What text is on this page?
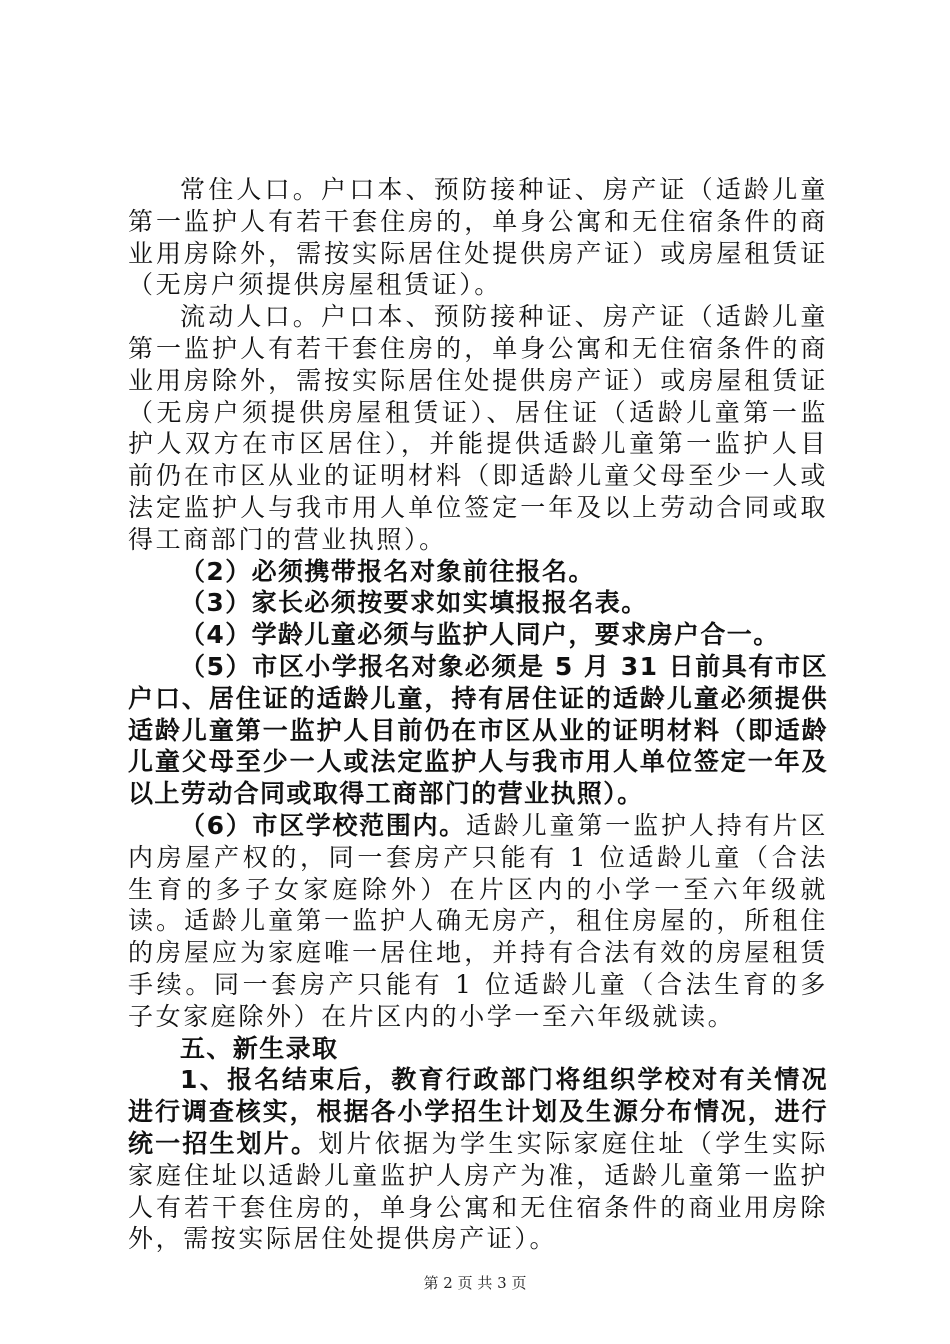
常住人口。户口本、预防接种证、房产证（适龄儿童第一监护人有若干套住房的，单身公寓和无住宿条件的商业用房除外，需按实际居住处提供房产证）或房屋租赁证（无房户须提供房屋租赁证）。

流动人口。户口本、预防接种证、房产证（适龄儿童第一监护人有若干套住房的，单身公寓和无住宿条件的商业用房除外，需按实际居住处提供房产证）或房屋租赁证（无房户须提供房屋租赁证）、居住证（适龄儿童第一监护人双方在市区居住），并能提供适龄儿童第一监护人目前仍在市区从业的证明材料（即适龄儿童父母至少一人或法定监护人与我市用人单位签定一年及以上劳动合同或取得工商部门的营业执照）。

（2）必须携带报名对象前往报名。

（3）家长必须按要求如实填报报名表。

（4）学龄儿童必须与监护人同户，要求房户合一。

（5）市区小学报名对象必须是 5 月 31 日前具有市区户口、居住证的适龄儿童，持有居住证的适龄儿童必须提供适龄儿童第一监护人目前仍在市区从业的证明材料（即适龄儿童父母至少一人或法定监护人与我市用人单位签定一年及以上劳动合同或取得工商部门的营业执照）。

（6）市区学校范围内。适龄儿童第一监护人持有片区内房屋产权的，同一套房产只能有 1 位适龄儿童（合法生育的多子女家庭除外）在片区内的小学一至六年级就读。适龄儿童第一监护人确无房产，租住房屋的，所租住的房屋应为家庭唯一居住地，并持有合法有效的房屋租赁手续。同一套房产只能有 1 位适龄儿童（合法生育的多子女家庭除外）在片区内的小学一至六年级就读。

五、新生录取

1、报名结束后，教育行政部门将组织学校对有关情况进行调查核实，根据各小学招生计划及生源分布情况，进行统一招生划片。划片依据为学生实际家庭住址（学生实际家庭住址以适龄儿童监护人房产为准，适龄儿童第一监护人有若干套住房的，单身公寓和无住宿条件的商业用房除外，需按实际居住处提供房产证）。

第 2 页 共 3 页
